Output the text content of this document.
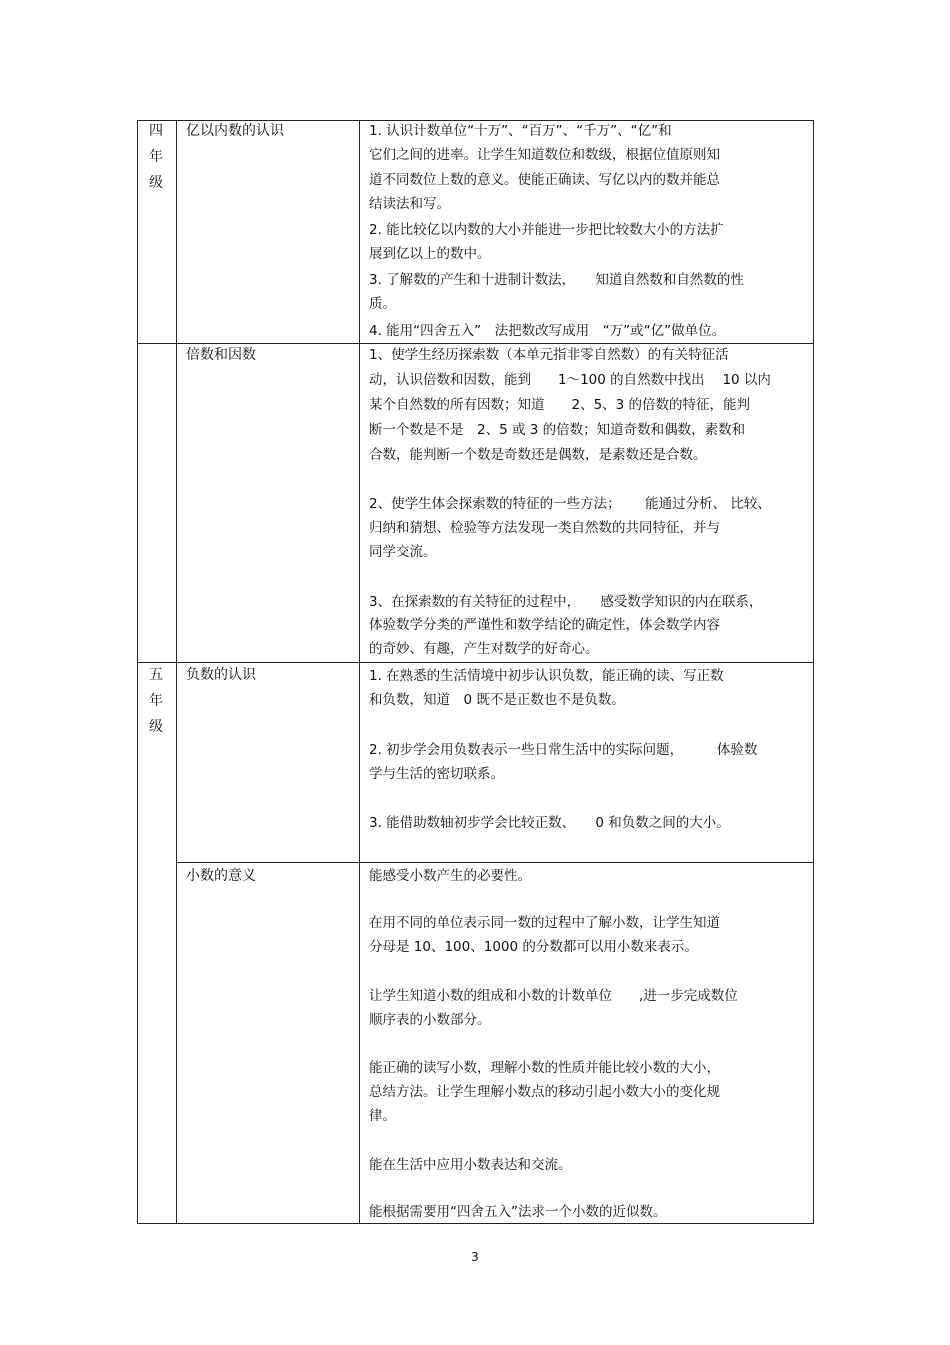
四
年
级
亿以内数的认识	1. 认识计数单位“十万”、“百万”、“千万”、“亿”和
它们之间的进率。让学生知道数位和数级，根据位值原则知
道不同数位上数的意义。使能正确读、写亿以内的数并能总
结读法和写。
2. 能比较亿以内数的大小并能进一步把比较数大小的方法扩
展到亿以上的数中。
3. 了解数的产生和十进制计数法，　　知道自然数和自然数的性
质。
4. 能用“四舍五入”　法把数改写成用　“万”或“亿”做单位。
倍数和因数	1、使学生经历探索数（本单元指非零自然数）的有关特征活
动，认识倍数和因数，能到　　1～100 的自然数中找出　 10 以内
某个自然数的所有因数；知道　　2、5、3 的倍数的特征，能判
断一个数是不是　2、5 或 3 的倍数；知道奇数和偶数，素数和
合数，能判断一个数是奇数还是偶数，是素数还是合数。
2、使学生体会探索数的特征的一些方法；　　 能通过分析、 比较、
归纳和猜想、检验等方法发现一类自然数的共同特征，并与
同学交流。
3、在探索数的有关特征的过程中，　　感受数学知识的内在联系，
体验数学分类的严谨性和数学结论的确定性，体会数学内容
的奇妙、有趣，产生对数学的好奇心。
五
年
级
负数的认识	1. 在熟悉的生活情境中初步认识负数，能正确的读、写正数
和负数，知道　0 既不是正数也不是负数。
2. 初步学会用负数表示一些日常生活中的实际问题，　　　体验数
学与生活的密切联系。
3. 能借助数轴初步学会比较正数、　　0 和负数之间的大小。
小数的意义	能感受小数产生的必要性。
在用不同的单位表示同一数的过程中了解小数，让学生知道
分母是 10、100、1000 的分数都可以用小数来表示。
让学生知道小数的组成和小数的计数单位　　,进一步完成数位
顺序表的小数部分。
能正确的读写小数，理解小数的性质并能比较小数的大小，
总结方法。让学生理解小数点的移动引起小数大小的变化规
律。
能在生活中应用小数表达和交流。
能根据需要用“四舍五入”法求一个小数的近似数。
3
